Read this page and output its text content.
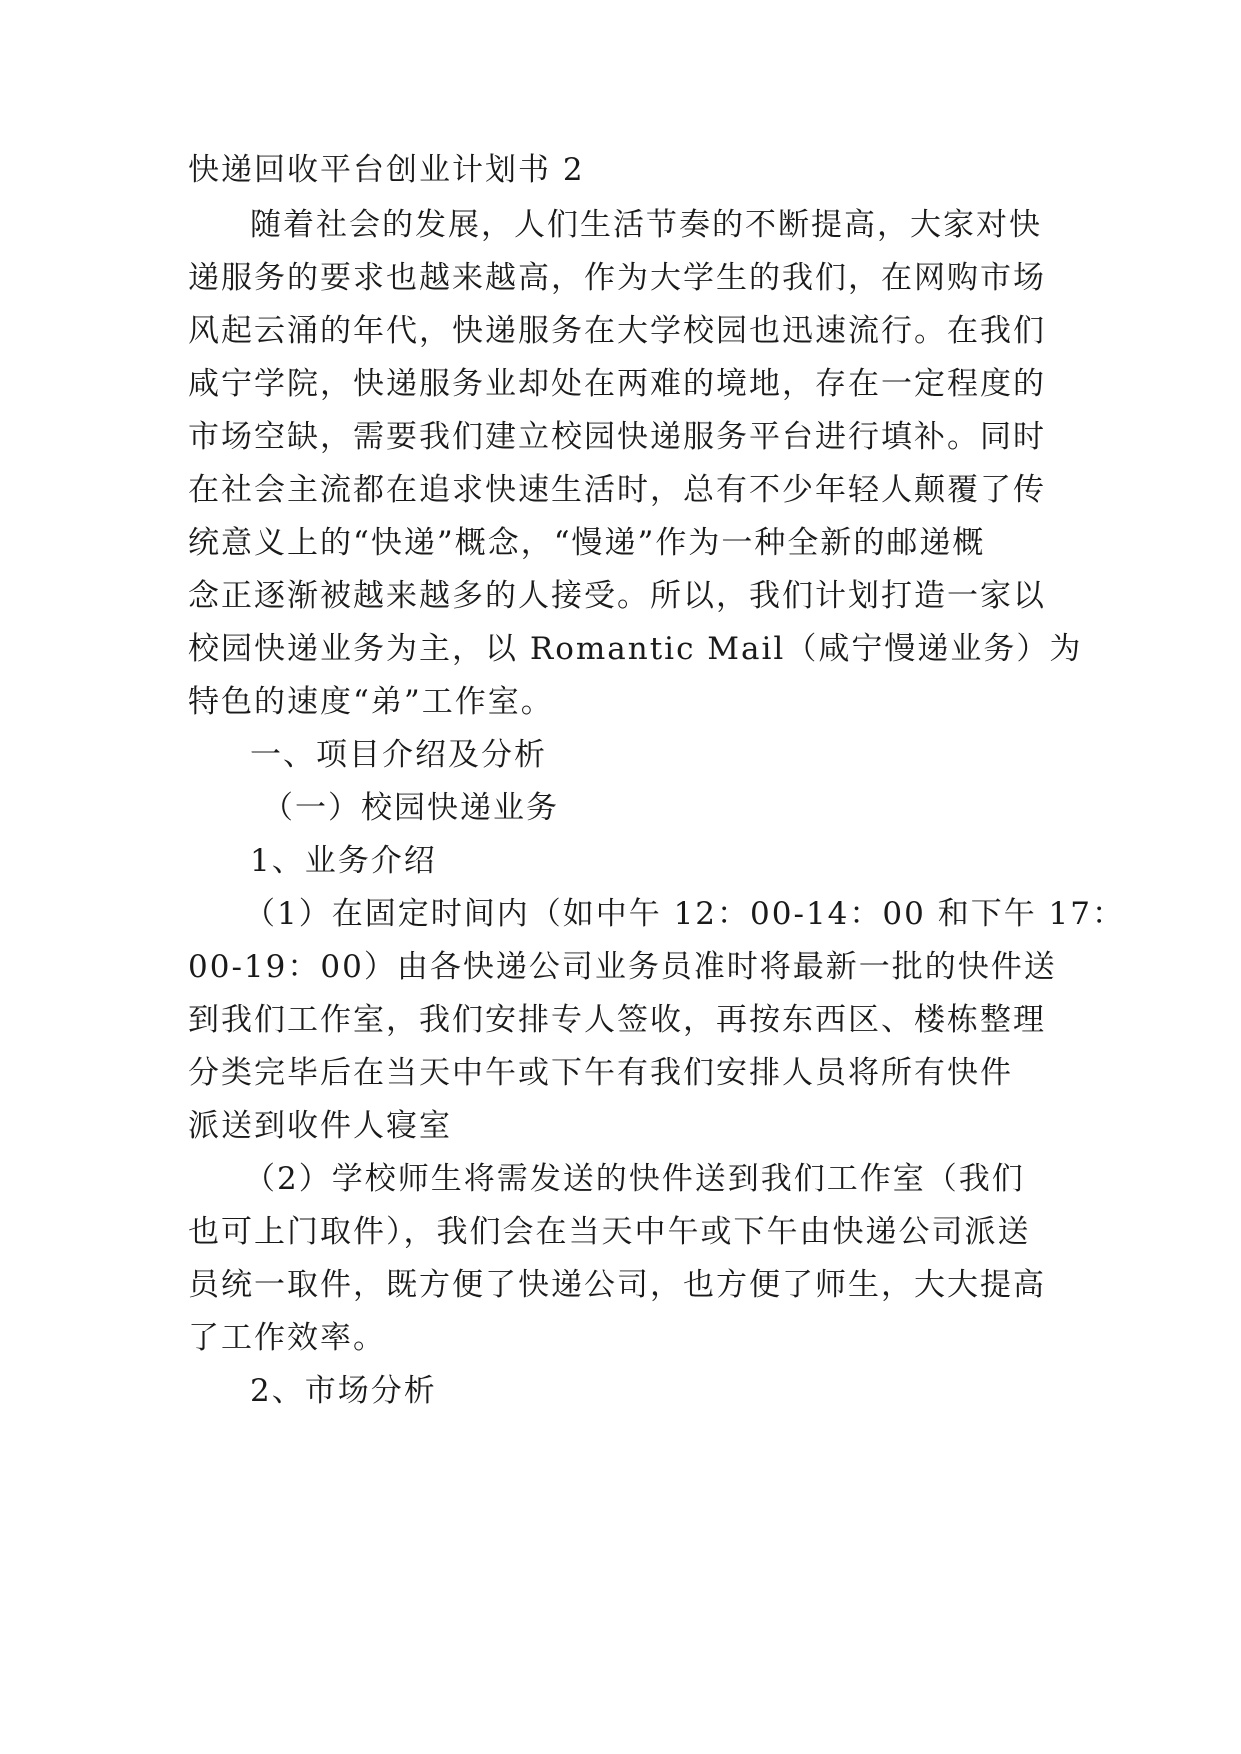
快递回收平台创业计划书 2
随着社会的发展，人们生活节奏的不断提高，大家对快
递服务的要求也越来越高，作为大学生的我们，在网购市场
风起云涌的年代，快递服务在大学校园也迅速流行。在我们
咸宁学院，快递服务业却处在两难的境地，存在一定程度的
市场空缺，需要我们建立校园快递服务平台进行填补。同时
在社会主流都在追求快速生活时，总有不少年轻人颠覆了传
统意义上的“快递”概念，“慢递”作为一种全新的邮递概
念正逐渐被越来越多的人接受。所以，我们计划打造一家以
校园快递业务为主，以 Romantic Mail（咸宁慢递业务）为
特色的速度“弟”工作室。
一、项目介绍及分析
（一）校园快递业务
1、业务介绍
（1）在固定时间内（如中午 12：00-14：00 和下午 17：
00-19：00）由各快递公司业务员准时将最新一批的快件送
到我们工作室，我们安排专人签收，再按东西区、楼栋整理
分类完毕后在当天中午或下午有我们安排人员将所有快件
派送到收件人寝室
（2）学校师生将需发送的快件送到我们工作室（我们
也可上门取件），我们会在当天中午或下午由快递公司派送
员统一取件，既方便了快递公司，也方便了师生，大大提高
了工作效率。
2、市场分析
